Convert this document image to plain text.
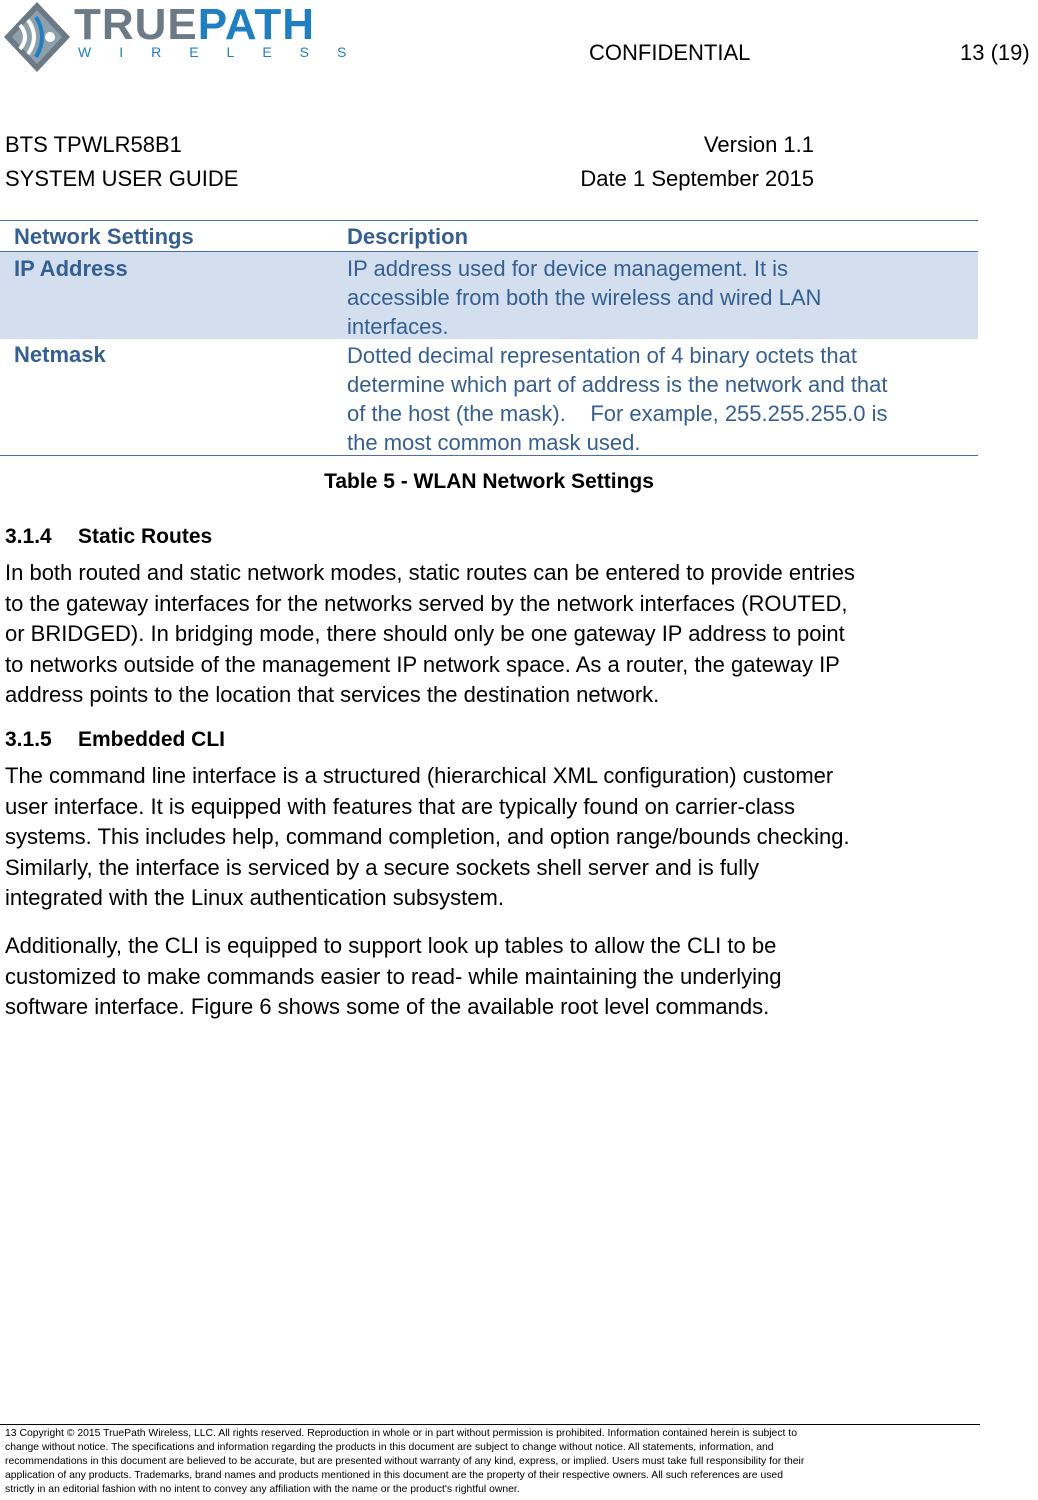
TRUEPATH
WIRELESS	CONFIDENTIAL	13 (19)
BTS TPWLR58B1	Version 1.1
SYSTEM USER GUIDE	Date 1 September 2015
Network Settings	Description
IP Address	IP address used for device management. It is
accessible from both the wireless and wired LAN
interfaces.
Netmask	Dotted decimal representation of 4 binary octets that
determine which part of address is the network and that
of the host (the mask).    For example, 255.255.255.0 is
the most common mask used.
Table 5 - WLAN Network Settings
3.1.4 Static Routes
In both routed and static network modes, static routes can be entered to provide entries
to the gateway interfaces for the networks served by the network interfaces (ROUTED,
or BRIDGED). In bridging mode, there should only be one gateway IP address to point
to networks outside of the management IP network space. As a router, the gateway IP
address points to the location that services the destination network.
3.1.5 Embedded CLI
The command line interface is a structured (hierarchical XML configuration) customer
user interface. It is equipped with features that are typically found on carrier-class
systems. This includes help, command completion, and option range/bounds checking.
Similarly, the interface is serviced by a secure sockets shell server and is fully
integrated with the Linux authentication subsystem.
Additionally, the CLI is equipped to support look up tables to allow the CLI to be
customized to make commands easier to read- while maintaining the underlying
software interface. Figure 6 shows some of the available root level commands.
13 Copyright © 2015 TruePath Wireless, LLC. All rights reserved. Reproduction in whole or in part without permission is prohibited. Information contained herein is subject to
change without notice. The specifications and information regarding the products in this document are subject to change without notice. All statements, information, and
recommendations in this document are believed to be accurate, but are presented without warranty of any kind, express, or implied. Users must take full responsibility for their
application of any products. Trademarks, brand names and products mentioned in this document are the property of their respective owners. All such references are used
strictly in an editorial fashion with no intent to convey any affiliation with the name or the product's rightful owner.
